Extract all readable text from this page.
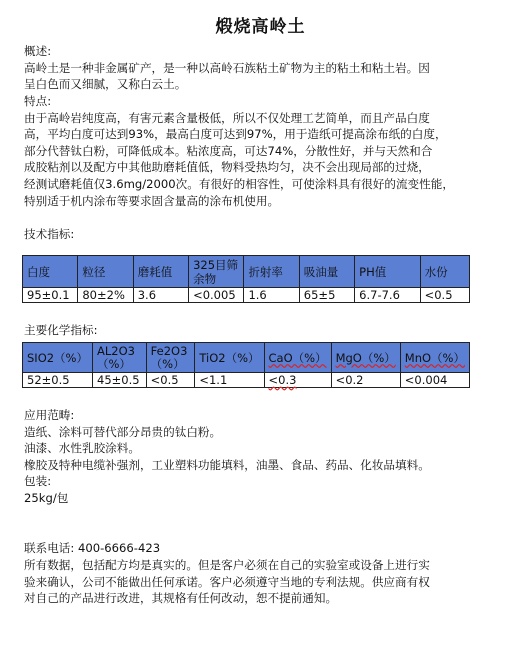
煅烧高岭土
概述:
高岭土是一种非金属矿产，是一种以高岭石族粘土矿物为主的粘土和粘土岩。因
呈白色而又细腻，又称白云土。
特点:
由于高岭岩纯度高，有害元素含量极低，所以不仅处理工艺简单，而且产品白度
高，平均白度可达到93%，最高白度可达到97%，用于造纸可提高涂布纸的白度，
部分代替钛白粉，可降低成本。粘浓度高，可达74%，分散性好，并与天然和合
成胶粘剂以及配方中其他助磨耗值低，物料受热均匀，决不会出现局部的过烧，
经测试磨耗值仅3.6mg/2000次。有很好的相容性，可使涂料具有很好的流变性能，
特别适于机内涂布等要求固含量高的涂布机使用。
技术指标:
白度	粒径	磨耗值	325目筛余物	折射率	吸油量	PH值	水份
95±0.1	80±2%	3.6	<0.005	1.6	65±5	6.7-7.6	<0.5
主要化学指标:
SIO2（%）	AL2O3（%）	Fe2O3（%）	TiO2（%）	CaO（%）	MgO（%）	MnO（%）
52±0.5	45±0.5	<0.5	<1.1	<0.3	<0.2	<0.004
应用范畴:
造纸、涂料可替代部分昂贵的钛白粉。
油漆、水性乳胶涂料。
橡胶及特种电缆补强剂，工业塑料功能填料，油墨、食品、药品、化妆品填料。
包装:
25kg/包
联系电话: 400-6666-423
所有数据，包括配方均是真实的。但是客户必须在自己的实验室或设备上进行实
验来确认，公司不能做出任何承诺。客户必须遵守当地的专利法规。供应商有权
对自己的产品进行改进，其规格有任何改动，恕不提前通知。
